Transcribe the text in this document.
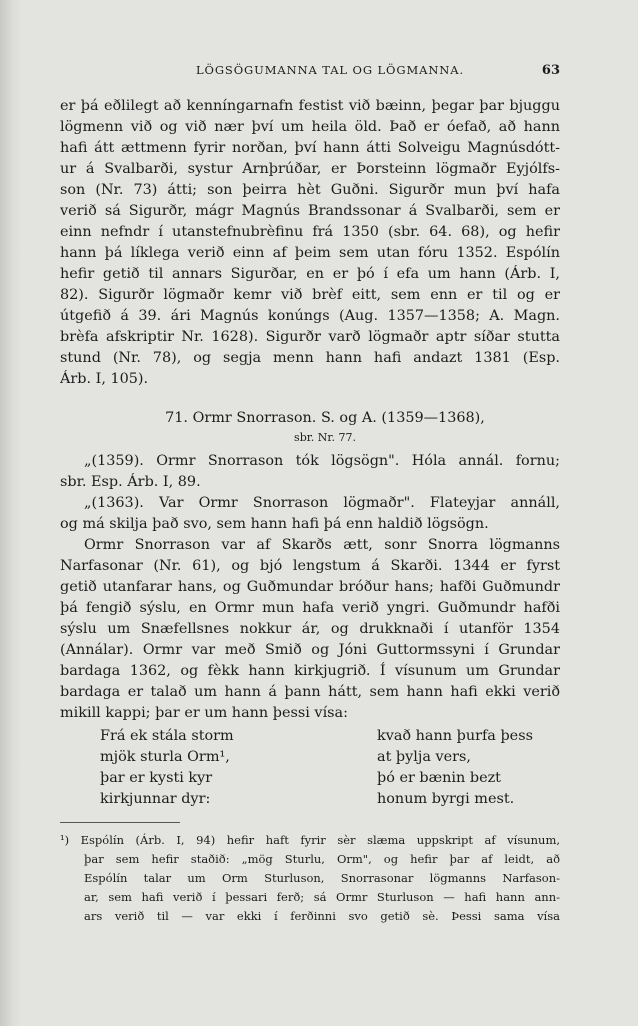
LÖGSÖGUMANNA TAL OG LÖGMANNA.	63
er þá eðlilegt að kenníngarnafn festist við bæinn, þegar þar bjuggu
lögmenn við og við nær því um heila öld. Það er óefað, að hann
hafi átt ættmenn fyrir norðan, því hann átti Solveigu Magnúsdótt-
ur á Svalbarði, systur Arnþrúðar, er Þorsteinn lögmaðr Eyjólfs-
son (Nr. 73) átti; son þeirra hèt Guðni. Sigurðr mun því hafa
verið sá Sigurðr, mágr Magnús Brandssonar á Svalbarði, sem er
einn nefndr í utanstefnubrèfinu frá 1350 (sbr. 64. 68), og hefir
hann þá líklega verið einn af þeim sem utan fóru 1352. Espólín
hefir getið til annars Sigurðar, en er þó í efa um hann (Árb. I,
82). Sigurðr lögmaðr kemr við brèf eitt, sem enn er til og er
útgefið á 39. ári Magnús konúngs (Aug. 1357—1358; A. Magn.
brèfa afskriptir Nr. 1628). Sigurðr varð lögmaðr aptr síðar stutta
stund (Nr. 78), og segja menn hann hafi andazt 1381 (Esp.
Árb. I, 105).
71. Ormr Snorrason. S. og A. (1359—1368),
sbr. Nr. 77.
„(1359). Ormr Snorrason tók lögsögn". Hóla annál. fornu;
sbr. Esp. Árb. I, 89.
„(1363). Var Ormr Snorrason lögmaðr". Flateyjar annáll,
og má skilja það svo, sem hann hafi þá enn haldið lögsögn.
Ormr Snorrason var af Skarðs ætt, sonr Snorra lögmanns
Narfasonar (Nr. 61), og bjó lengstum á Skarði. 1344 er fyrst
getið utanfarar hans, og Guðmundar bróður hans; hafði Guðmundr
þá fengið sýslu, en Ormr mun hafa verið yngri. Guðmundr hafði
sýslu um Snæfellsnes nokkur ár, og drukknaði í utanför 1354
(Annálar). Ormr var með Smið og Jóni Guttormssyni í Grundar
bardaga 1362, og fèkk hann kirkjugrið. Í vísunum um Grundar
bardaga er talað um hann á þann hátt, sem hann hafi ekki verið
mikill kappi; þar er um hann þessi vísa:
Frá ek stála storm
mjök sturla Orm¹,
þar er kysti kyr
kirkjunnar dyr:
kvað hann þurfa þess
at þylja vers,
þó er bænin bezt
honum byrgi mest.
¹) Espólín (Árb. I, 94) hefir haft fyrir sèr slæma uppskript af vísunum,
þar sem hefir staðið: „mög Sturlu, Orm", og hefir þar af leidt, að
Espólín talar um Orm Sturluson, Snorrasonar lögmanns Narfason-
ar, sem hafi verið í þessari ferð; sá Ormr Sturluson — hafi hann ann-
ars verið til — var ekki í ferðinni svo getið sè. Þessi sama vísa
